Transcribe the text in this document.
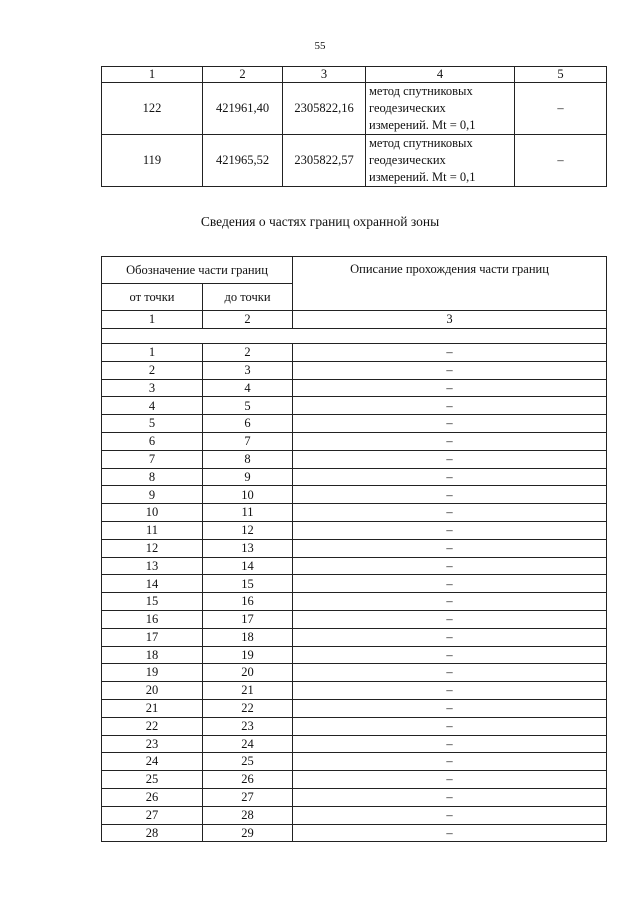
55
1	2	3	4	5
122	421961,40	2305822,16	метод спутниковых
геодезических
измерений. Mt = 0,1	–
119	421965,52	2305822,57	метод спутниковых
геодезических
измерений. Mt = 0,1	–
Сведения о частях границ охранной зоны
Обозначение части границ		Описание прохождения части границ
от точки	до точки	
1	2	3

1	2	–
2	3	–
3	4	–
4	5	–
5	6	–
6	7	–
7	8	–
8	9	–
9	10	–
10	11	–
11	12	–
12	13	–
13	14	–
14	15	–
15	16	–
16	17	–
17	18	–
18	19	–
19	20	–
20	21	–
21	22	–
22	23	–
23	24	–
24	25	–
25	26	–
26	27	–
27	28	–
28	29	–
